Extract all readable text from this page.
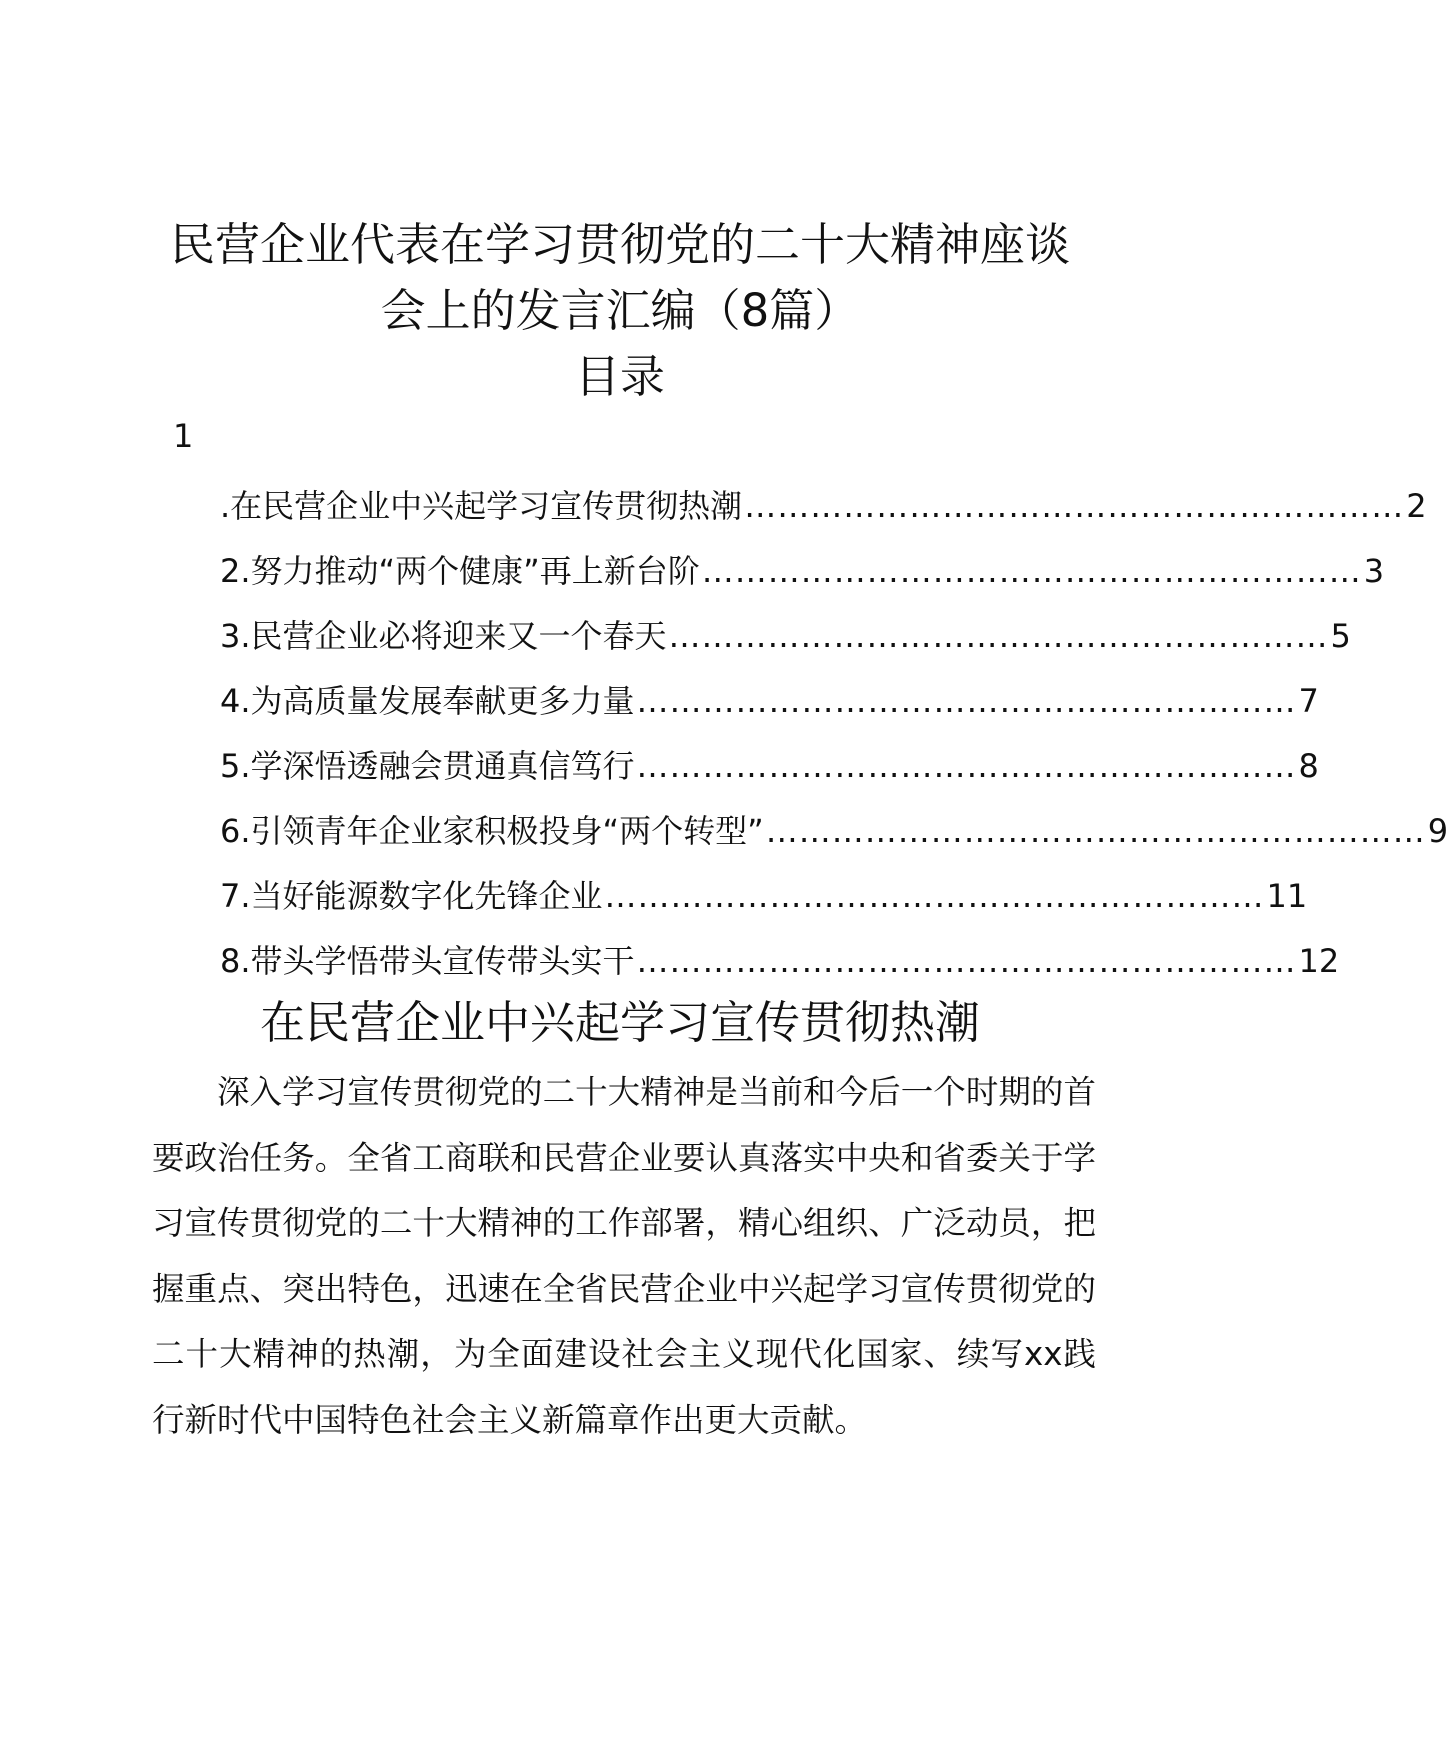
民营企业代表在学习贯彻党的二十大精神座谈
会上的发言汇编（8篇）
目录
1
.在民营企业中兴起学习宣传贯彻热潮 …………………………………………………… 2
2.努力推动“两个健康”再上新台阶 …………………………………………………… 3
3.民营企业必将迎来又一个春天 …………………………………………………… 5
4.为高质量发展奉献更多力量 …………………………………………………… 7
5.学深悟透融会贯通真信笃行 …………………………………………………… 8
6.引领青年企业家积极投身“两个转型” …………………………………………………… 9
7.当好能源数字化先锋企业 …………………………………………………… 11
8.带头学悟带头宣传带头实干 …………………………………………………… 12
在民营企业中兴起学习宣传贯彻热潮

深入学习宣传贯彻党的二十大精神是当前和今后一个时期的首要政治任务。全省工商联和民营企业要认真落实中央和省委关于学习宣传贯彻党的二十大精神的工作部署，精心组织、广泛动员，把握重点、突出特色，迅速在全省民营企业中兴起学习宣传贯彻党的二十大精神的热潮，为全面建设社会主义现代化国家、续写xx践行新时代中国特色社会主义新篇章作出更大贡献。
